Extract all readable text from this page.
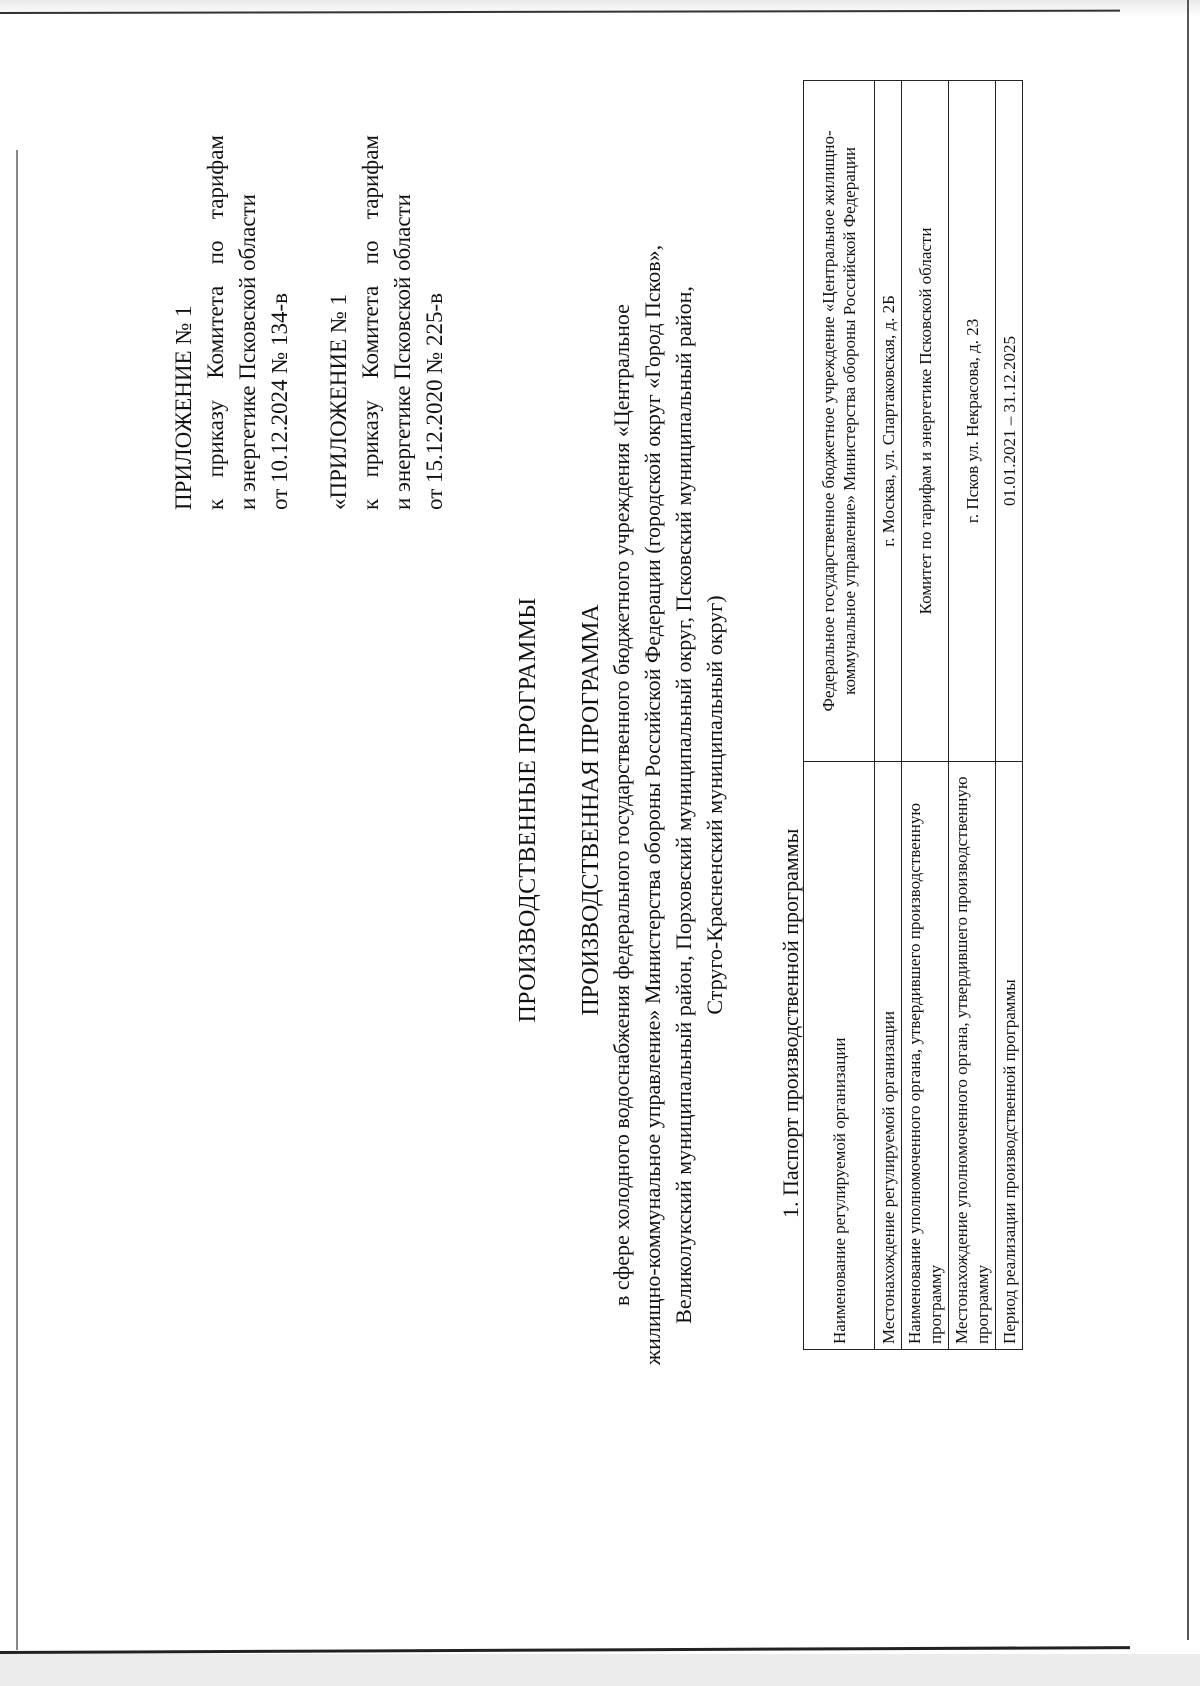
ПРИЛОЖЕНИЕ № 1 к
приказу
Комитета
по
тарифам
и энергетике Псковской области от 10.12.2024 № 134-в «ПРИЛОЖЕНИЕ № 1 к
приказу
Комитета
по
тарифам
и энергетике Псковской области от 15.12.2020 № 225-в
ПРОИЗВОДСТВЕННЫЕ ПРОГРАММЫ ПРОИЗВОДСТВЕННАЯ ПРОГРАММА в сфере холодного водоснабжения федерального государственного бюджетного учреждения «Центральное жилищно-коммунальное управление» Министерства обороны Российской Федерации (городской округ «Город Псков», Великолукский муниципальный район, Порховский муниципальный округ, Псковский муниципальный район, Струго-Красненский муниципальный округ)
1. Паспорт производственной программы Наименование регулируемой организации	Федеральное государственное бюджетное учреждение «Центральное жилищно-коммунальное управление» Министерства обороны Российской Федерации
Местонахождение регулируемой организации	г. Москва, ул. Спартаковская, д. 2Б
Наименование уполномоченного органа, утвердившего производственную программу	Комитет по тарифам и энергетике Псковской области
Местонахождение уполномоченного органа, утвердившего производственную программу	г. Псков ул. Некрасова, д. 23
Период реализации производственной программы	01.01.2021 – 31.12.2025
